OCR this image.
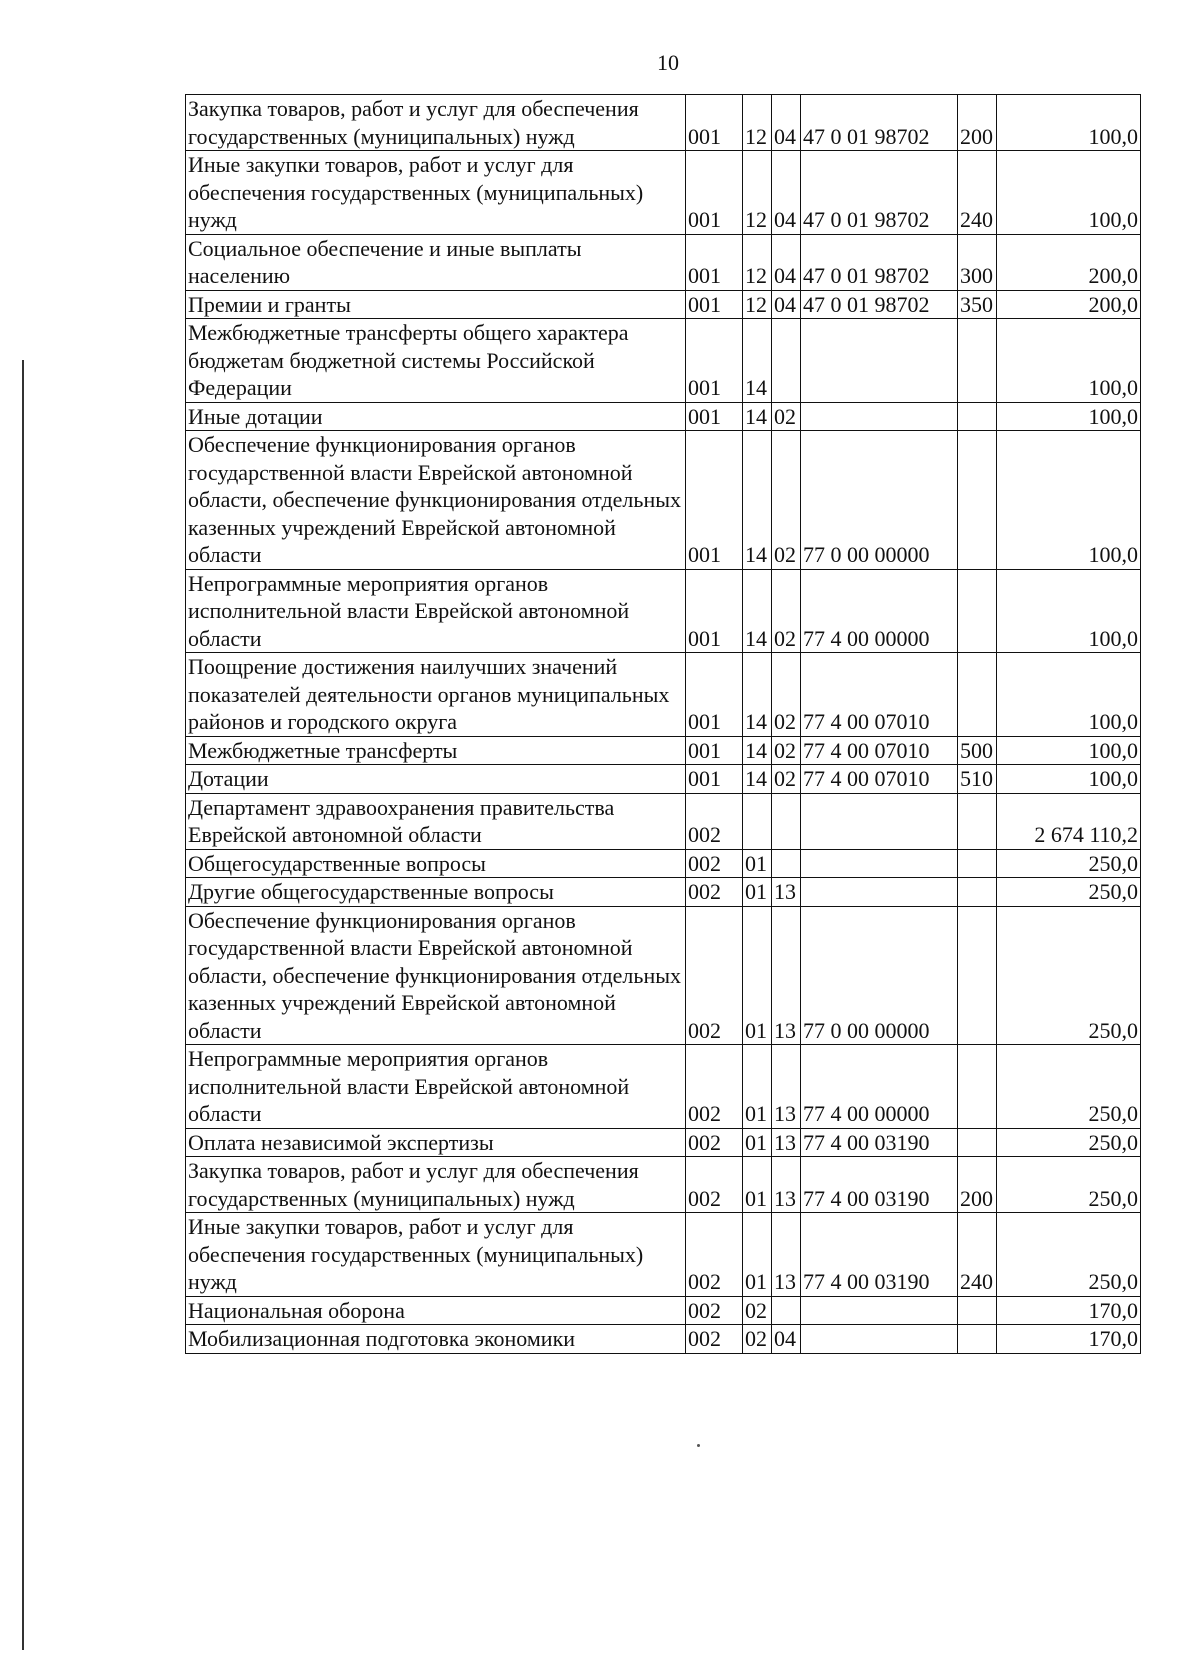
10
Закупка товаров, работ и услуг для обеспечения государственных (муниципальных) нужд	001	12	04	47 0 01 98702	200	100,0
Иные закупки товаров, работ и услуг для обеспечения государственных (муниципальных) нужд	001	12	04	47 0 01 98702	240	100,0
Социальное обеспечение и иные выплаты населению	001	12	04	47 0 01 98702	300	200,0
Премии и гранты	001	12	04	47 0 01 98702	350	200,0
Межбюджетные трансферты общего характера бюджетам бюджетной системы Российской Федерации	001	14				100,0
Иные дотации	001	14	02			100,0
Обеспечение функционирования органов государственной власти Еврейской автономной области, обеспечение функционирования отдельных казенных учреждений Еврейской автономной области	001	14	02	77 0 00 00000		100,0
Непрограммные мероприятия органов исполнительной власти Еврейской автономной области	001	14	02	77 4 00 00000		100,0
Поощрение достижения наилучших значений показателей деятельности органов муниципальных районов и городского округа	001	14	02	77 4 00 07010		100,0
Межбюджетные трансферты	001	14	02	77 4 00 07010	500	100,0
Дотации	001	14	02	77 4 00 07010	510	100,0
Департамент здравоохранения правительства Еврейской автономной области	002					2 674 110,2
Общегосударственные вопросы	002	01				250,0
Другие общегосударственные вопросы	002	01	13			250,0
Обеспечение функционирования органов государственной власти Еврейской автономной области, обеспечение функционирования отдельных казенных учреждений Еврейской автономной области	002	01	13	77 0 00 00000		250,0
Непрограммные мероприятия органов исполнительной власти Еврейской автономной области	002	01	13	77 4 00 00000		250,0
Оплата независимой экспертизы	002	01	13	77 4 00 03190		250,0
Закупка товаров, работ и услуг для обеспечения государственных (муниципальных) нужд	002	01	13	77 4 00 03190	200	250,0
Иные закупки товаров, работ и услуг для обеспечения государственных (муниципальных) нужд	002	01	13	77 4 00 03190	240	250,0
Национальная оборона	002	02				170,0
Мобилизационная подготовка экономики	002	02	04			170,0
